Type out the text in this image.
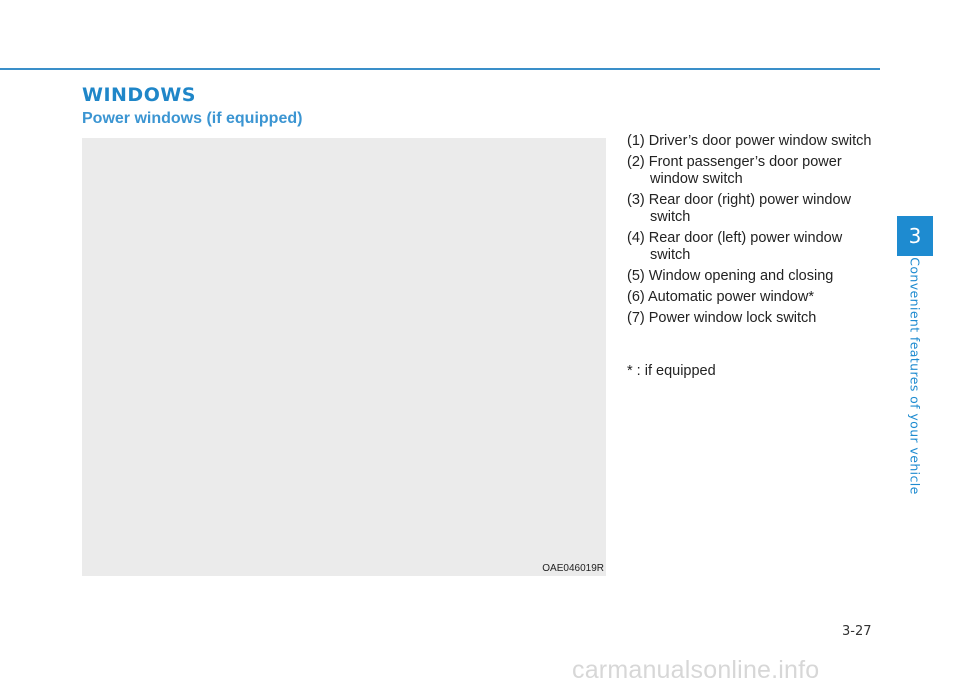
WINDOWS
Power windows (if equipped)
OAE046019R
(1) Driver’s door power window switch
(2) Front passenger’s door power window switch
(3) Rear door (right) power window switch
(4) Rear door (left) power window switch
(5) Window opening and closing
(6) Automatic power window*
(7) Power window lock switch
* : if equipped
3
Convenient features of your vehicle
3-27
carmanualsonline.info
